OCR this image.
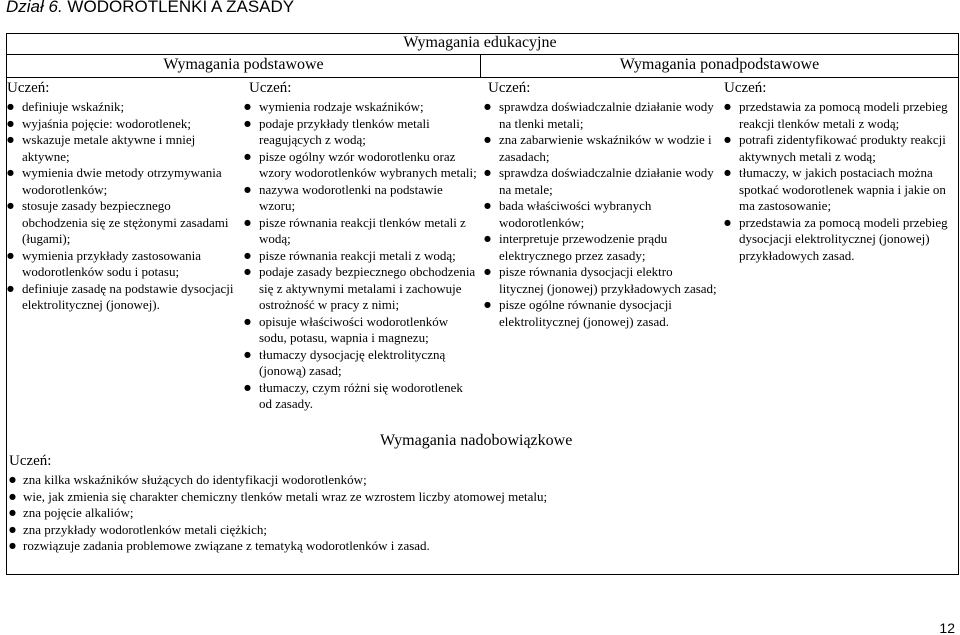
Dział 6. WODOROTLENKI A ZASADY
Wymagania edukacyjne
Wymagania podstawowe	Wymagania ponadpodstawowe
Uczeń:
● definiuje wskaźnik;
● wyjaśnia pojęcie: wodorotlenek;
● wskazuje metale aktywne i mniej aktywne;
● wymienia dwie metody otrzymywania wodorotlenków;
● stosuje zasady bezpiecznego obchodzenia się ze stężonymi zasadami (ługami);
● wymienia przykłady zastosowania wodorotlenków sodu i potasu;
● definiuje zasadę na podstawie dysocjacji elektrolitycznej (jonowej).
Uczeń:
● wymienia rodzaje wskaźników;
● podaje przykłady tlenków metali reagujących z wodą;
● pisze ogólny wzór wodorotlenku oraz wzory wodorotlenków wybranych metali;
● nazywa wodorotlenki na podstawie wzoru;
● pisze równania reakcji tlenków metali z wodą;
● pisze równania reakcji metali z wodą;
● podaje zasady bezpiecznego obchodzenia się z aktywnymi metalami i zachowuje ostrożność w pracy z nimi;
● opisuje właściwości wodorotlenków sodu, potasu, wapnia i magnezu;
● tłumaczy dysocjację elektrolityczną (jonową) zasad;
● tłumaczy, czym różni się wodorotlenek od zasady.
Uczeń:
● sprawdza doświadczalnie działanie wody na tlenki metali;
● zna zabarwienie wskaźników w wodzie i zasadach;
● sprawdza doświadczalnie działanie wody na metale;
● bada właściwości wybranych wodorotlenków;
● interpretuje przewodzenie prądu elektrycznego przez zasady;
● pisze równania dysocjacji elektro litycznej (jonowej) przykładowych zasad;
● pisze ogólne równanie dysocjacji elektrolitycznej (jonowej) zasad.
Uczeń:
● przedstawia za pomocą modeli przebieg reakcji tlenków metali z wodą;
● potrafi zidentyfikować produkty reakcji aktywnych metali z wodą;
● tłumaczy, w jakich postaciach można spotkać wodorotlenek wapnia i jakie on ma zastosowanie;
● przedstawia za pomocą modeli przebieg dysocjacji elektrolitycznej (jonowej) przykładowych zasad.
Wymagania nadobowiązkowe
Uczeń:
● zna kilka wskaźników służących do identyfikacji wodorotlenków;
● wie, jak zmienia się charakter chemiczny tlenków metali wraz ze wzrostem liczby atomowej metalu;
● zna pojęcie alkaliów;
● zna przykłady wodorotlenków metali ciężkich;
● rozwiązuje zadania problemowe związane z tematyką wodorotlenków i zasad.
12
